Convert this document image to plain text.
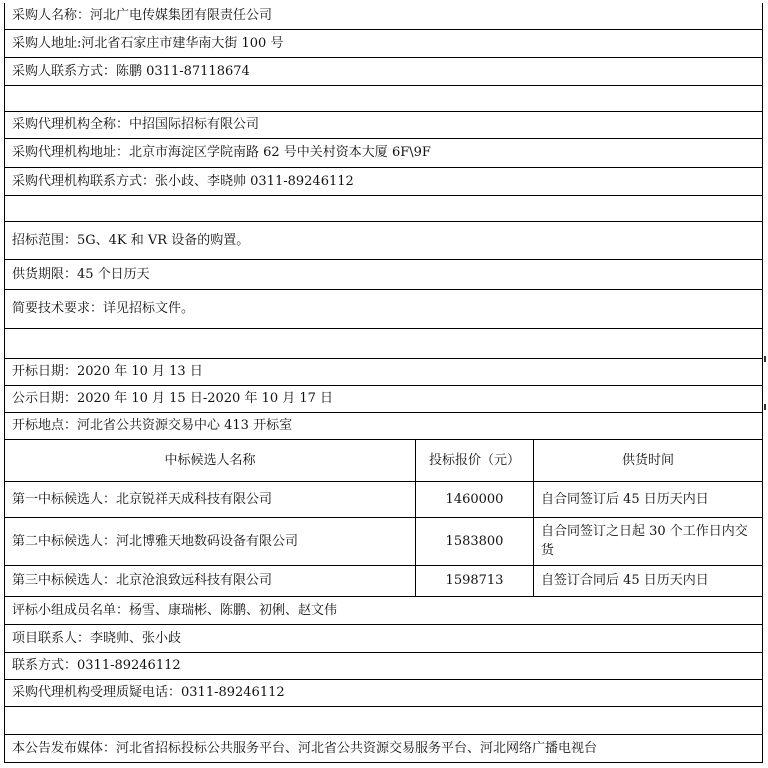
采购人名称：河北广电传媒集团有限责任公司		
采购人地址:河北省石家庄市建华南大街 100 号		
采购人联系方式：陈鹏 0311-87118674		

采购代理机构全称：中招国际招标有限公司		
采购代理机构地址：北京市海淀区学院南路 62 号中关村资本大厦 6F\9F		
采购代理机构联系方式：张小歧、李晓帅 0311-89246112		

招标范围：5G、4K 和 VR 设备的购置。		
供货期限：45 个日历天		
简要技术要求：详见招标文件。		

开标日期：2020 年 10 月 13 日		
公示日期：2020 年 10 月 15 日-2020 年 10 月 17 日		
开标地点：河北省公共资源交易中心 413 开标室		
中标候选人名称	投标报价（元）	供货时间
第一中标候选人：北京锐祥天成科技有限公司	1460000	自合同签订后 45 日历天内日
第二中标候选人：河北博雅天地数码设备有限公司	1583800	自合同签订之日起 30 个工作日内交货
第三中标候选人：北京沧浪致远科技有限公司	1598713	自签订合同后 45 日历天内日
评标小组成员名单：杨雪、康瑞彬、陈鹏、初俐、赵文伟		
项目联系人：李晓帅、张小歧		
联系方式：0311-89246112		
采购代理机构受理质疑电话：0311-89246112		

本公告发布媒体：河北省招标投标公共服务平台、河北省公共资源交易服务平台、河北网络广播电视台		
